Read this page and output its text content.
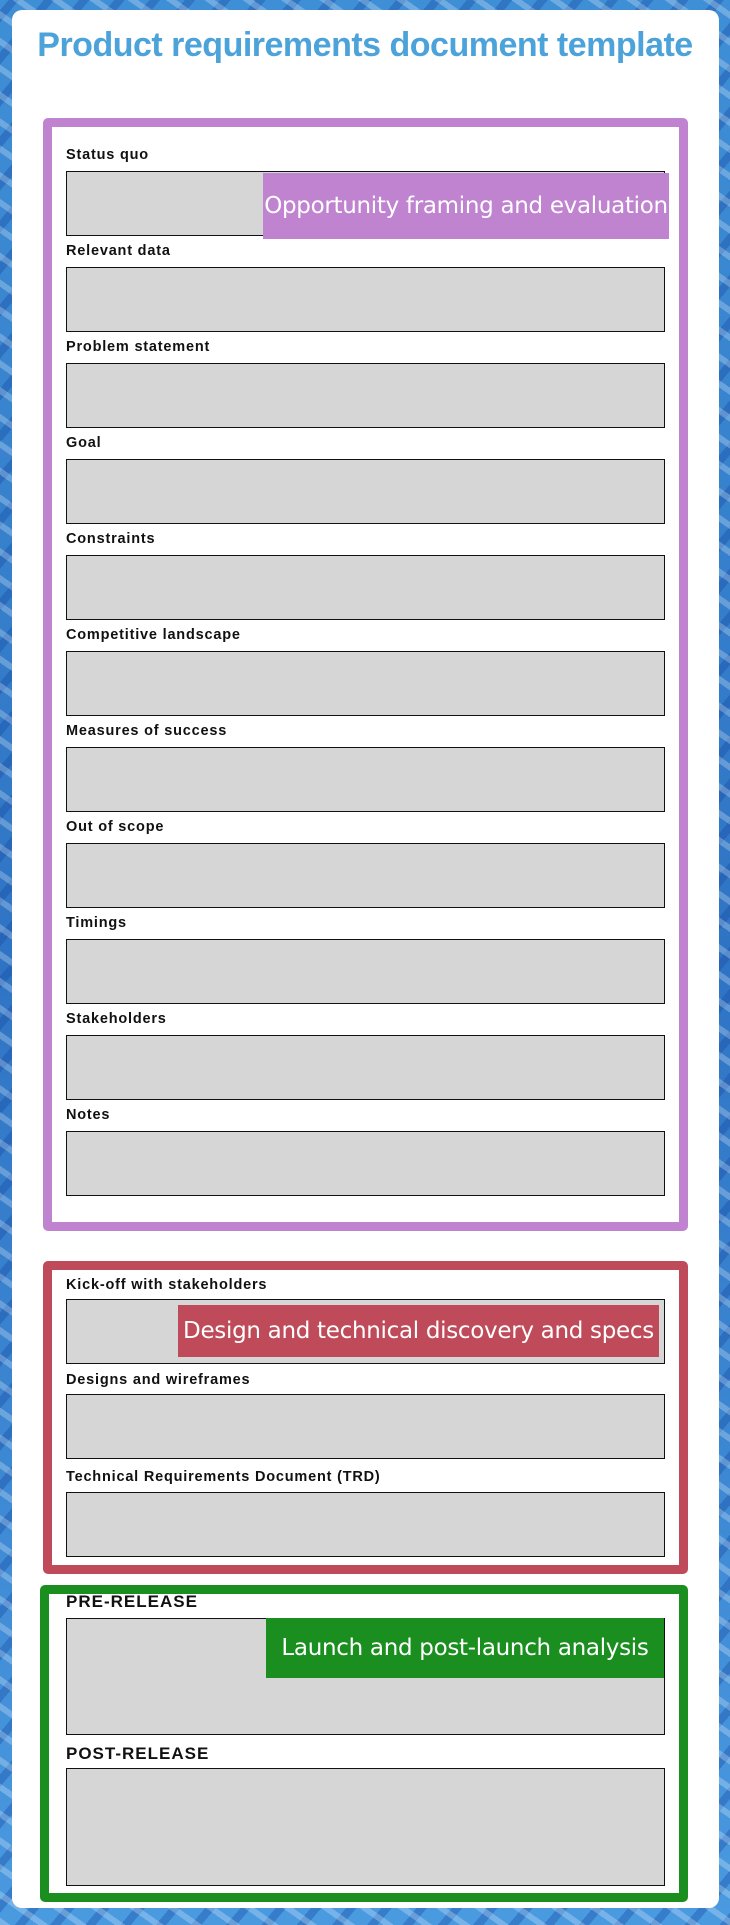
Product requirements document template
Status quo
Relevant data
Problem statement
Goal
Constraints
Competitive landscape
Measures of success
Out of scope
Timings
Stakeholders
Notes
Opportunity framing and evaluation
Kick-off with stakeholders
Designs and wireframes
Technical Requirements Document (TRD)
Design and technical discovery and specs
PRE-RELEASE
POST-RELEASE
Launch and post-launch analysis
